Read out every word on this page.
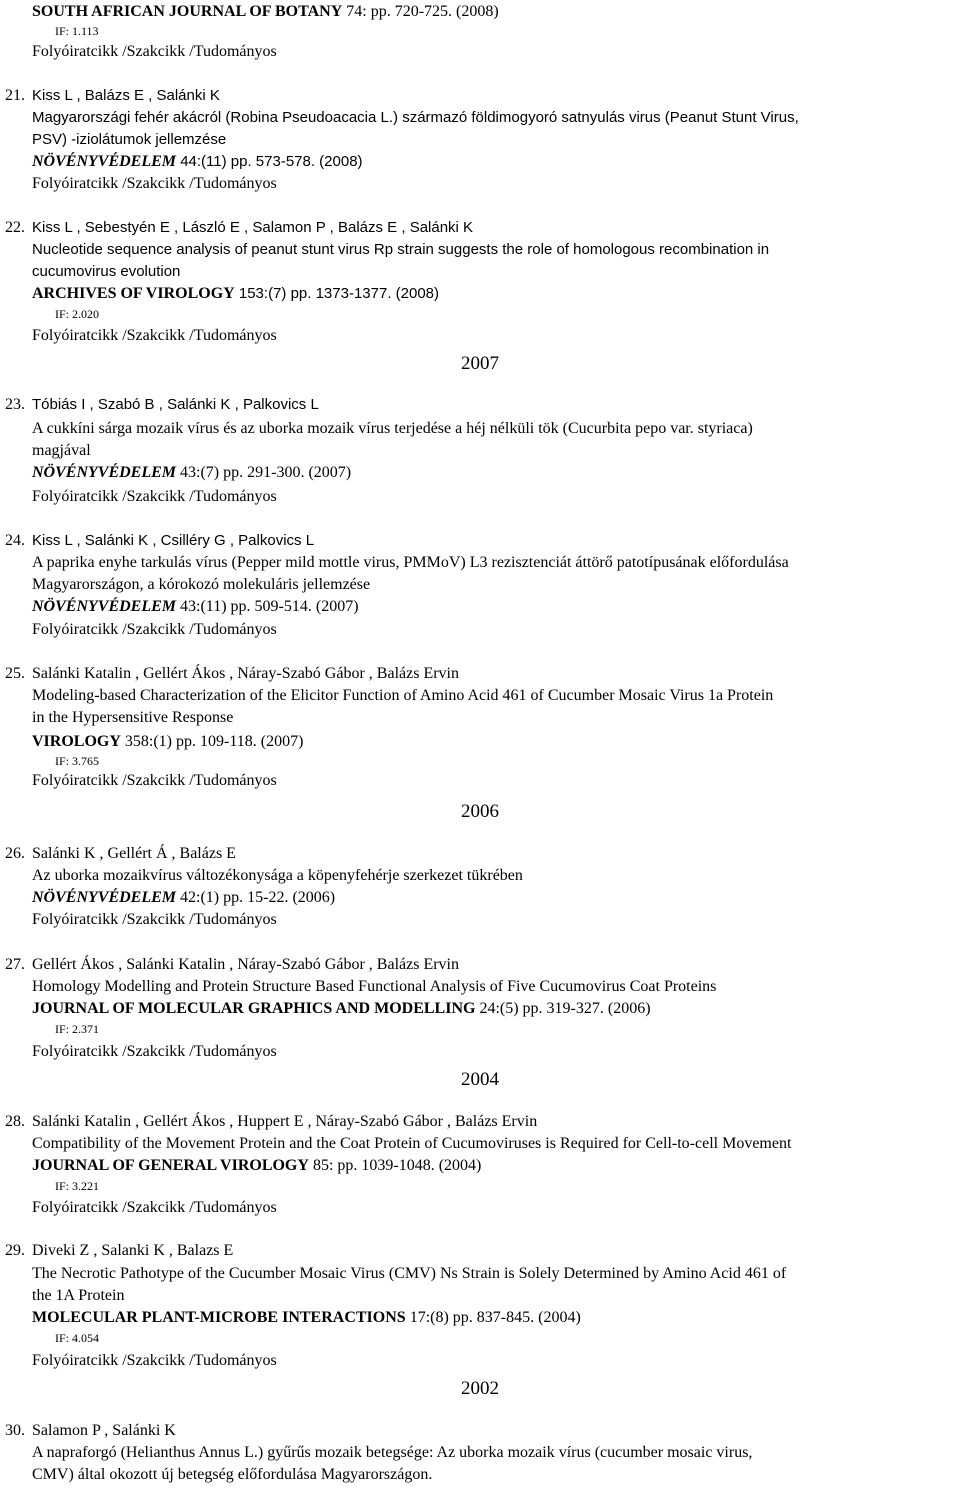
SOUTH AFRICAN JOURNAL OF BOTANY 74: pp. 720-725. (2008)
IF: 1.113
Folyóiratcikk /Szakcikk /Tudományos
21. Kiss L , Balázs E , Salánki K
Magyarországi fehér akácról (Robina Pseudoacacia L.) származó földimogyoró satnyulás virus (Peanut Stunt Virus,
PSV) -iziolátumok jellemzése
NÖVÉNYVÉDELEM 44:(11) pp. 573-578. (2008)
Folyóiratcikk /Szakcikk /Tudományos
22. Kiss L , Sebestyén E , László E , Salamon P , Balázs E , Salánki K
Nucleotide sequence analysis of peanut stunt virus Rp strain suggests the role of homologous recombination in
cucumovirus evolution
ARCHIVES OF VIROLOGY 153:(7) pp. 1373-1377. (2008)
IF: 2.020
Folyóiratcikk /Szakcikk /Tudományos
2007
23. Tóbiás I , Szabó B , Salánki K , Palkovics L
A cukkíni sárga mozaik vírus és az uborka mozaik vírus terjedése a héj nélküli tök (Cucurbita pepo var. styriaca)
magjával
NÖVÉNYVÉDELEM 43:(7) pp. 291-300. (2007)
Folyóiratcikk /Szakcikk /Tudományos
24. Kiss L , Salánki K , Csilléry G , Palkovics L
A paprika enyhe tarkulás vírus (Pepper mild mottle virus, PMMoV) L3 rezisztenciát áttörő patotípusának előfordulása
Magyarországon, a kórokozó molekuláris jellemzése
NÖVÉNYVÉDELEM 43:(11) pp. 509-514. (2007)
Folyóiratcikk /Szakcikk /Tudományos
25. Salánki Katalin , Gellért Ákos , Náray-Szabó Gábor , Balázs Ervin
Modeling-based Characterization of the Elicitor Function of Amino Acid 461 of Cucumber Mosaic Virus 1a Protein
in the Hypersensitive Response
VIROLOGY 358:(1) pp. 109-118. (2007)
IF: 3.765
Folyóiratcikk /Szakcikk /Tudományos
2006
26. Salánki K , Gellért Á , Balázs E
Az uborka mozaikvírus változékonysága a köpenyfehérje szerkezet tükrében
NÖVÉNYVÉDELEM 42:(1) pp. 15-22. (2006)
Folyóiratcikk /Szakcikk /Tudományos
27. Gellért Ákos , Salánki Katalin , Náray-Szabó Gábor , Balázs Ervin
Homology Modelling and Protein Structure Based Functional Analysis of Five Cucumovirus Coat Proteins
JOURNAL OF MOLECULAR GRAPHICS AND MODELLING 24:(5) pp. 319-327. (2006)
IF: 2.371
Folyóiratcikk /Szakcikk /Tudományos
2004
28. Salánki Katalin , Gellért Ákos , Huppert E , Náray-Szabó Gábor , Balázs Ervin
Compatibility of the Movement Protein and the Coat Protein of Cucumoviruses is Required for Cell-to-cell Movement
JOURNAL OF GENERAL VIROLOGY 85: pp. 1039-1048. (2004)
IF: 3.221
Folyóiratcikk /Szakcikk /Tudományos
29. Diveki Z , Salanki K , Balazs E
The Necrotic Pathotype of the Cucumber Mosaic Virus (CMV) Ns Strain is Solely Determined by Amino Acid 461 of
the 1A Protein
MOLECULAR PLANT-MICROBE INTERACTIONS 17:(8) pp. 837-845. (2004)
IF: 4.054
Folyóiratcikk /Szakcikk /Tudományos
2002
30. Salamon P , Salánki K
A napraforgó (Helianthus Annus L.) gyűrűs mozaik betegsége: Az uborka mozaik vírus (cucumber mosaic virus,
CMV) által okozott új betegség előfordulása Magyarországon.
